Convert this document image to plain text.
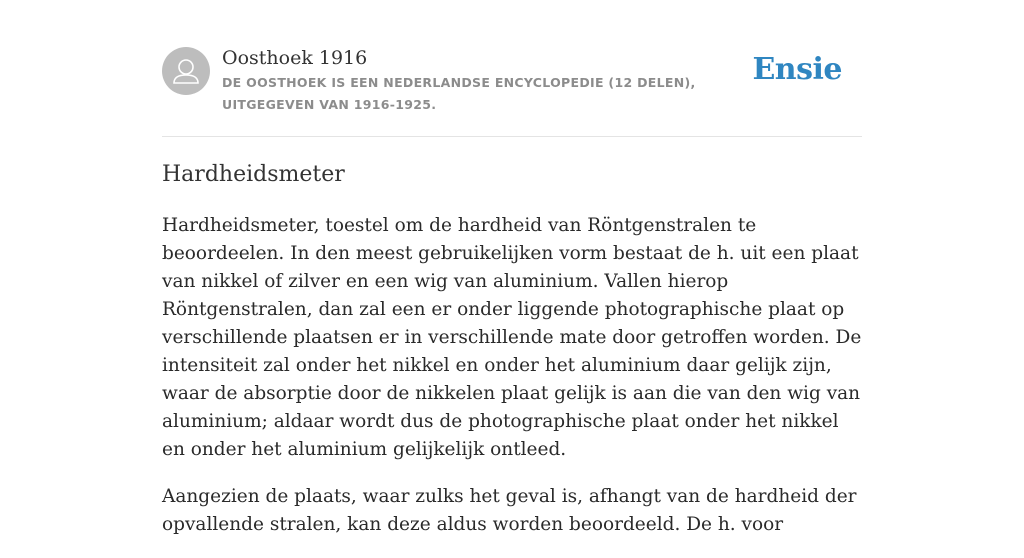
Oosthoek 1916
DE OOSTHOEK IS EEN NEDERLANDSE ENCYCLOPEDIE (12 DELEN), UITGEGEVEN VAN 1916-1925.
Ensie
Hardheidsmeter

Hardheidsmeter, toestel om de hardheid van Röntgenstralen te beoordeelen. In den meest gebruikelijken vorm bestaat de h. uit een plaat van nikkel of zilver en een wig van aluminium. Vallen hierop Röntgenstralen, dan zal een er onder liggende photographische plaat op verschillende plaatsen er in verschillende mate door getroffen worden. De intensiteit zal onder het nikkel en onder het aluminium daar gelijk zijn, waar de absorptie door de nikkelen plaat gelijk is aan die van den wig van aluminium; aldaar wordt dus de photographische plaat onder het nikkel en onder het aluminium gelijkelijk ontleed.

Aangezien de plaats, waar zulks het geval is, afhangt van de hardheid der opvallende stralen, kan deze aldus worden beoordeeld. De h. voor
